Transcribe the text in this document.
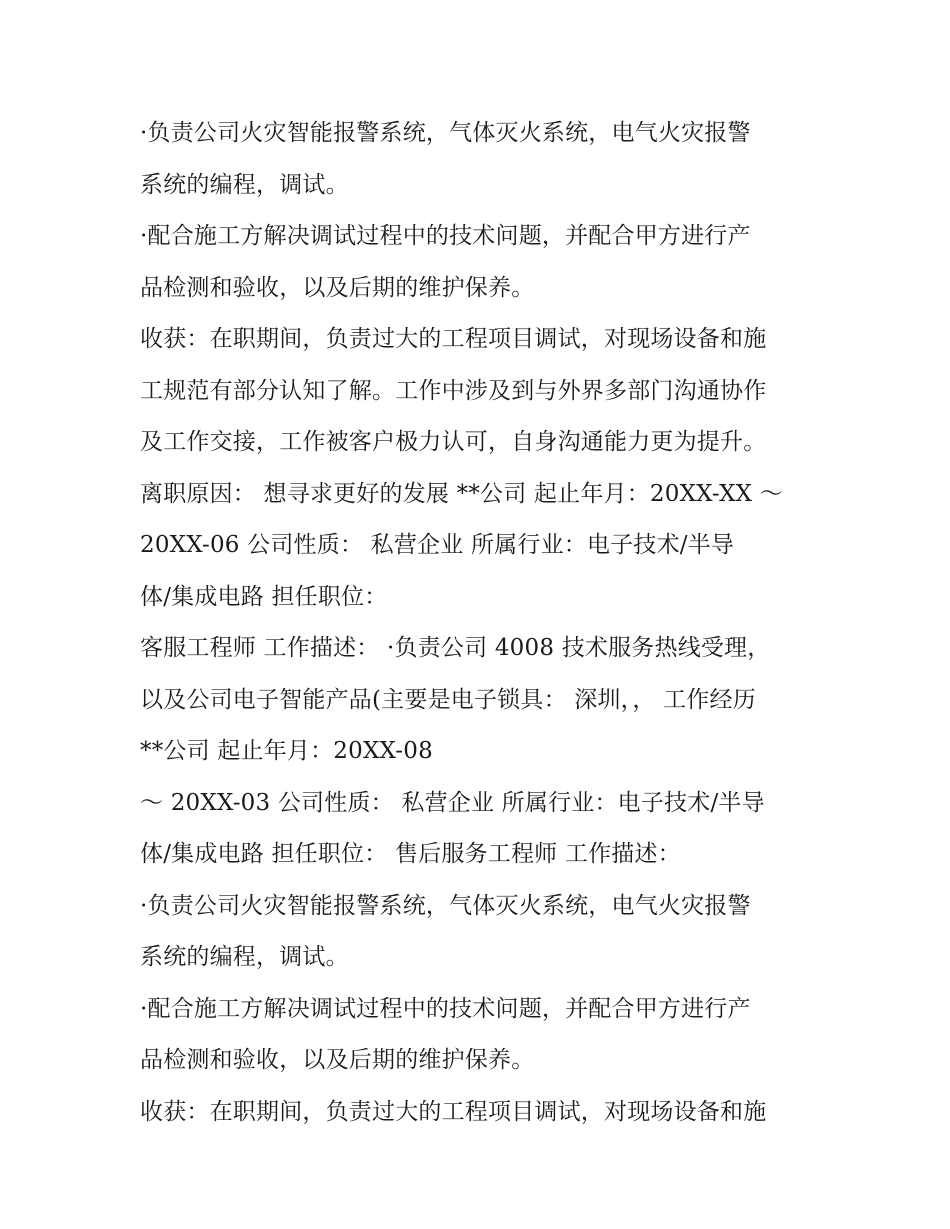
·负责公司火灾智能报警系统，气体灭火系统，电气火灾报警
系统的编程，调试。
·配合施工方解决调试过程中的技术问题，并配合甲方进行产
品检测和验收，以及后期的维护保养。
收获：在职期间，负责过大的工程项目调试，对现场设备和施
工规范有部分认知了解。工作中涉及到与外界多部门沟通协作
及工作交接，工作被客户极力认可，自身沟通能力更为提升。
离职原因： 想寻求更好的发展 **公司 起止年月：20XX-XX ～
20XX-06 公司性质： 私营企业 所属行业：电子技术/半导
体/集成电路 担任职位：
客服工程师 工作描述： ·负责公司 4008 技术服务热线受理，
以及公司电子智能产品(主要是电子锁具： 深圳，， 工作经历
**公司 起止年月：20XX-08
～ 20XX-03 公司性质： 私营企业 所属行业：电子技术/半导
体/集成电路 担任职位： 售后服务工程师 工作描述：
·负责公司火灾智能报警系统，气体灭火系统，电气火灾报警
系统的编程，调试。
·配合施工方解决调试过程中的技术问题，并配合甲方进行产
品检测和验收，以及后期的维护保养。
收获：在职期间，负责过大的工程项目调试，对现场设备和施
